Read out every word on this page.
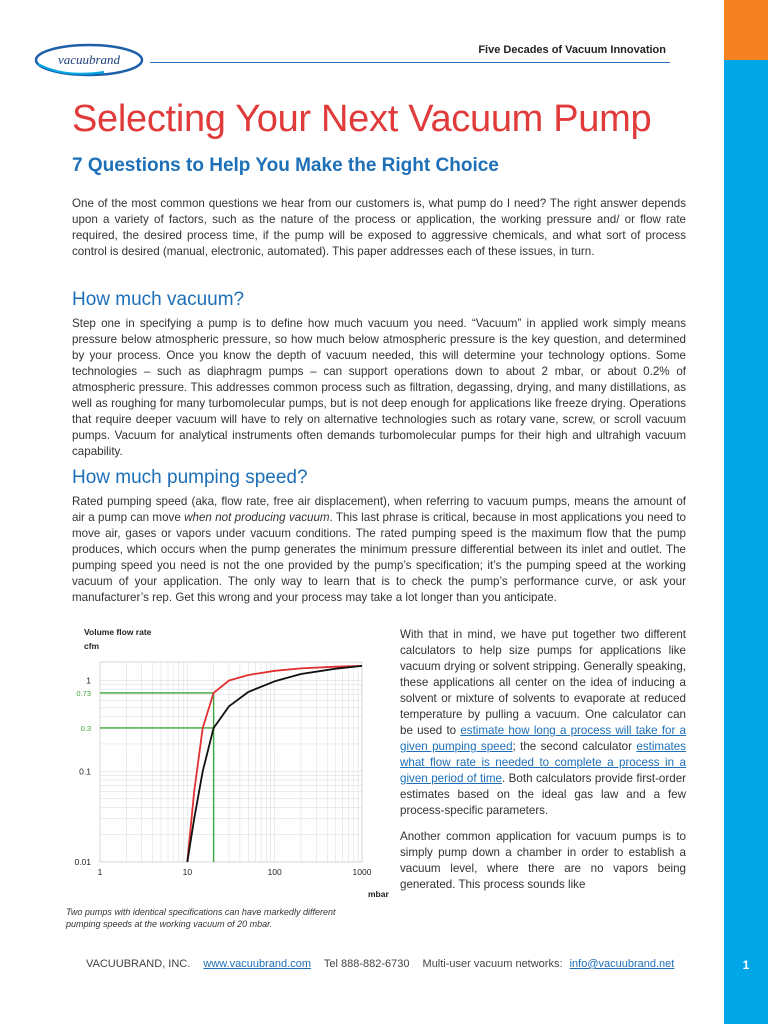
1
vacuubrand
Five Decades of Vacuum Innovation
Selecting Your Next Vacuum Pump
7 Questions to Help You Make the Right Choice

One of the most common questions we hear from our customers is, what pump do I need? The right answer depends upon a variety of factors, such as the nature of the process or application, the working pressure and/ or flow rate required, the desired process time, if the pump will be exposed to aggressive chemicals, and what sort of process control is desired (manual, electronic, automated). This paper addresses each of these issues, in turn.

How much vacuum?

Step one in specifying a pump is to define how much vacuum you need. “Vacuum” in applied work simply means pressure below atmospheric pressure, so how much below atmospheric pressure is the key question, and determined by your process. Once you know the depth of vacuum needed, this will determine your technology options. Some technologies – such as diaphragm pumps – can support operations down to about 2 mbar, or about 0.2% of atmospheric pressure. This addresses common process such as filtration, degassing, drying, and many distillations, as well as roughing for many turbomolecular pumps, but is not deep enough for applications like freeze drying. Operations that require deeper vacuum will have to rely on alternative technologies such as rotary vane, screw, or scroll vacuum pumps. Vacuum for analytical instruments often demands turbomolecular pumps for their high and ultrahigh vacuum capability.

How much pumping speed?

Rated pumping speed (aka, flow rate, free air displacement), when referring to vacuum pumps, means the amount of air a pump can move when not producing vacuum. This last phrase is critical, because in most applications you need to move air, gases or vapors under vacuum conditions. The rated pumping speed is the maximum flow that the pump produces, which occurs when the pump generates the minimum pressure differential between its inlet and outlet. The pumping speed you need is not the one provided by the pump’s specification; it’s the pumping speed at the working vacuum of your application. The only way to learn that is to check the pump’s performance curve, or ask your manufacturer’s rep. Get this wrong and your process may take a lot longer than you anticipate.

With that in mind, we have put together two different calculators to help size pumps for applications like vacuum drying or solvent stripping. Generally speaking, these applications all center on the idea of inducing a solvent or mixture of solvents to evaporate at reduced temperature by pulling a vacuum. One calculator can be used to estimate how long a process will take for a given pumping speed; the second calculator estimates what flow rate is needed to complete a process in a given period of time. Both calculators provide first-order estimates based on the ideal gas law and a few process-specific parameters.

Another common application for vacuum pumps is to simply pump down a chamber in order to establish a vacuum level, where there are no vapors being generated. This process sounds like

Volume flow rate
cfm
mbar
1	10	100	1000
1
0.73
0.3
0.1
0.01
Two pumps with identical specifications can have markedly different pumping speeds at the working vacuum of 20 mbar.
VACUUBRAND, INC. www.vacuubrand.com Tel 888-882-6730 Multi-user vacuum networks: info@vacuubrand.net
